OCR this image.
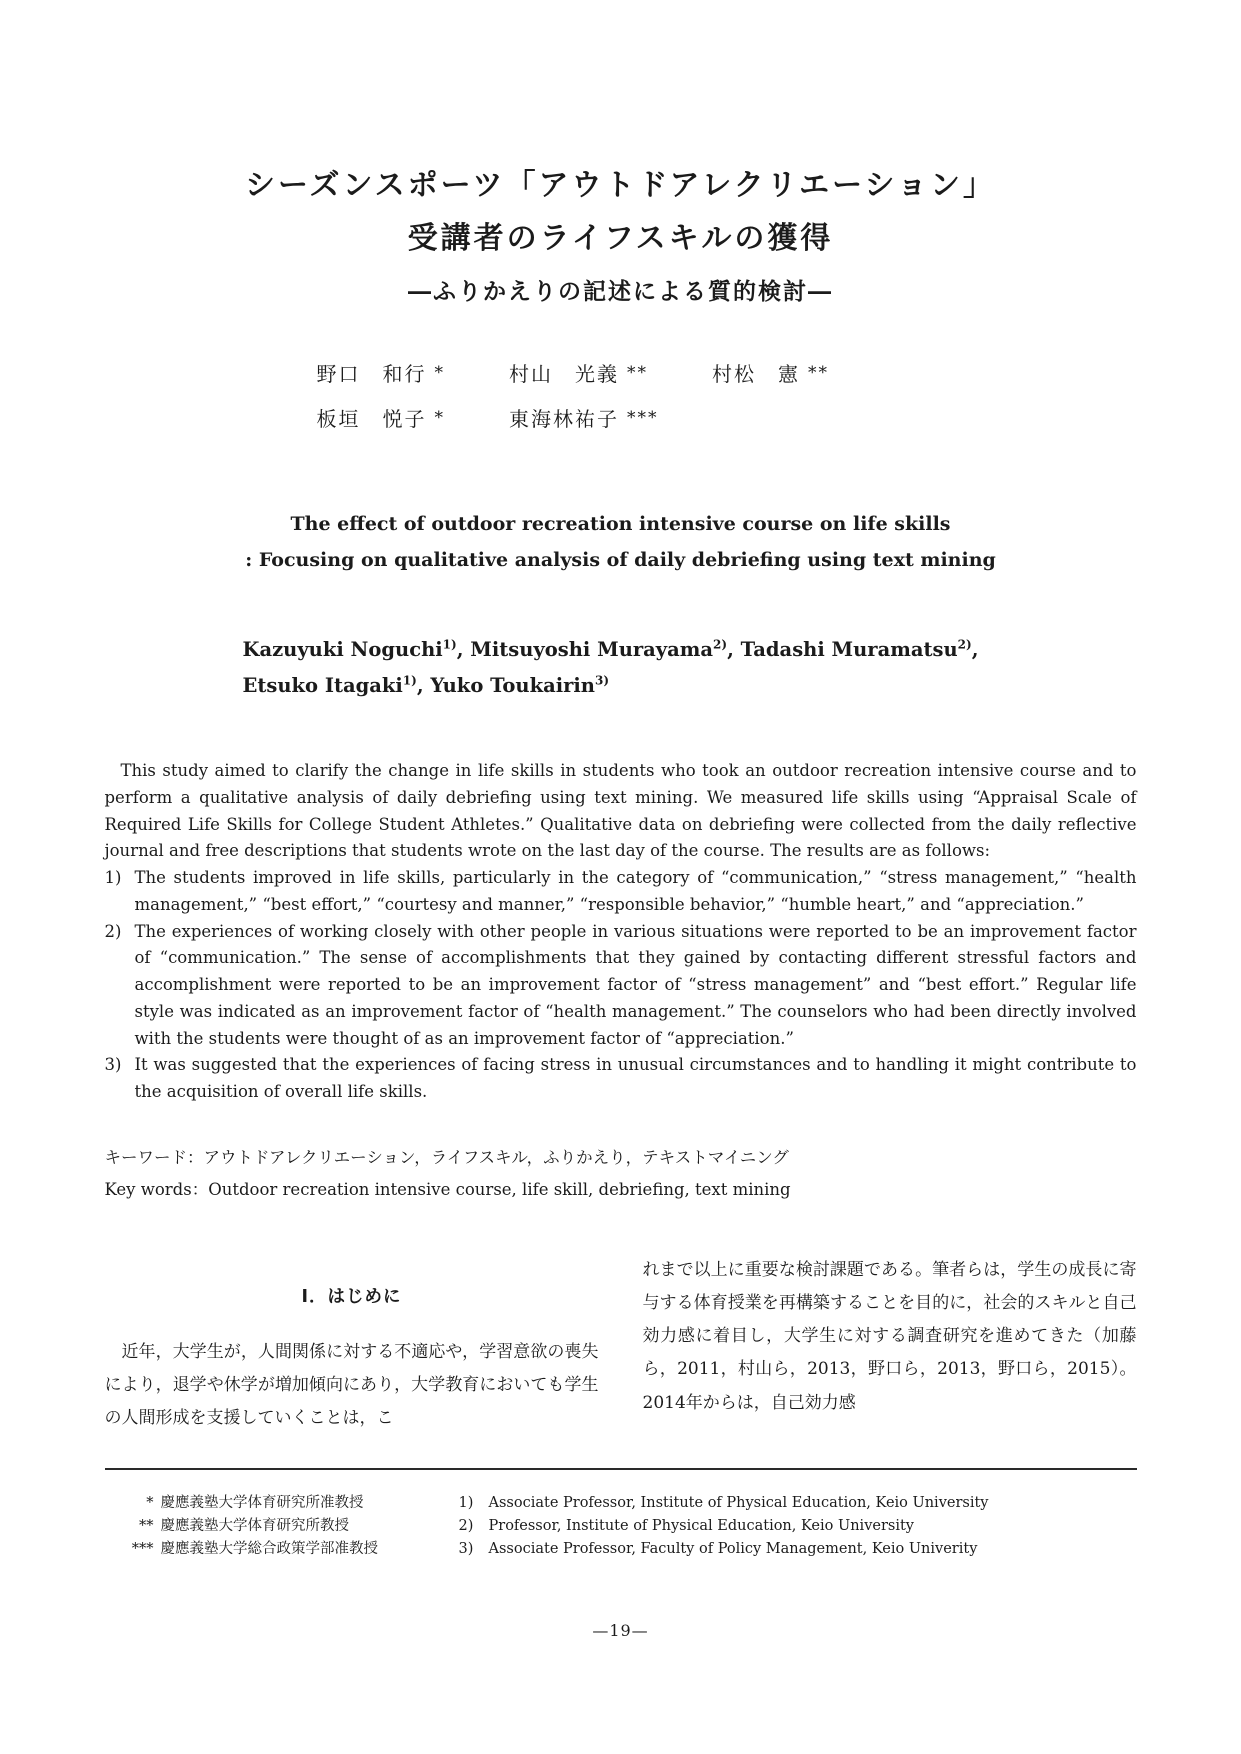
シーズンスポーツ「アウトドアレクリエーション」
受講者のライフスキルの獲得
―ふりかえりの記述による質的検討―
野口　和行 *	村山　光義 **	村松　憲 **
板垣　悦子 *	東海林祐子 ***
The effect of outdoor recreation intensive course on life skills
: Focusing on qualitative analysis of daily debriefing using text mining
Kazuyuki Noguchi$^{1)}$, Mitsuyoshi Murayama$^{2)}$, Tadashi Muramatsu$^{2)}$,
Etsuko Itagaki$^{1)}$, Yuko Toukairin$^{3)}$

This study aimed to clarify the change in life skills in students who took an outdoor recreation intensive course and to perform a qualitative analysis of daily debriefing using text mining. We measured life skills using “Appraisal Scale of Required Life Skills for College Student Athletes.” Qualitative data on debriefing were collected from the daily reflective journal and free descriptions that students wrote on the last day of the course. The results are as follows:

1) The students improved in life skills, particularly in the category of “communication,” “stress management,” “health management,” “best effort,” “courtesy and manner,” “responsible behavior,” “humble heart,” and “appreciation.”
2) The experiences of working closely with other people in various situations were reported to be an improvement factor of “communication.” The sense of accomplishments that they gained by contacting different stressful factors and accomplishment were reported to be an improvement factor of “stress management” and “best effort.” Regular life style was indicated as an improvement factor of “health management.” The counselors who had been directly involved with the students were thought of as an improvement factor of “appreciation.”
3) It was suggested that the experiences of facing stress in unusual circumstances and to handling it might contribute to the acquisition of overall life skills.
キーワード：アウトドアレクリエーション，ライフスキル，ふりかえり，テキストマイニング
Key words：Outdoor recreation intensive course, life skill, debriefing, text mining
Ⅰ．はじめに

近年，大学生が，人間関係に対する不適応や，学習意欲の喪失により，退学や休学が増加傾向にあり，大学教育においても学生の人間形成を支援していくことは，こ

れまで以上に重要な検討課題である。筆者らは，学生の成長に寄与する体育授業を再構築することを目的に，社会的スキルと自己効力感に着目し，大学生に対する調査研究を進めてきた（加藤ら，2011，村山ら，2013，野口ら，2013，野口ら，2015）。2014年からは，自己効力感

* 慶應義塾大学体育研究所准教授
** 慶應義塾大学体育研究所教授
*** 慶應義塾大学総合政策学部准教授
1)	Associate Professor, Institute of Physical Education, Keio University
2)	Professor, Institute of Physical Education, Keio University
3)	Associate Professor, Faculty of Policy Management, Keio Univerity
—19—
